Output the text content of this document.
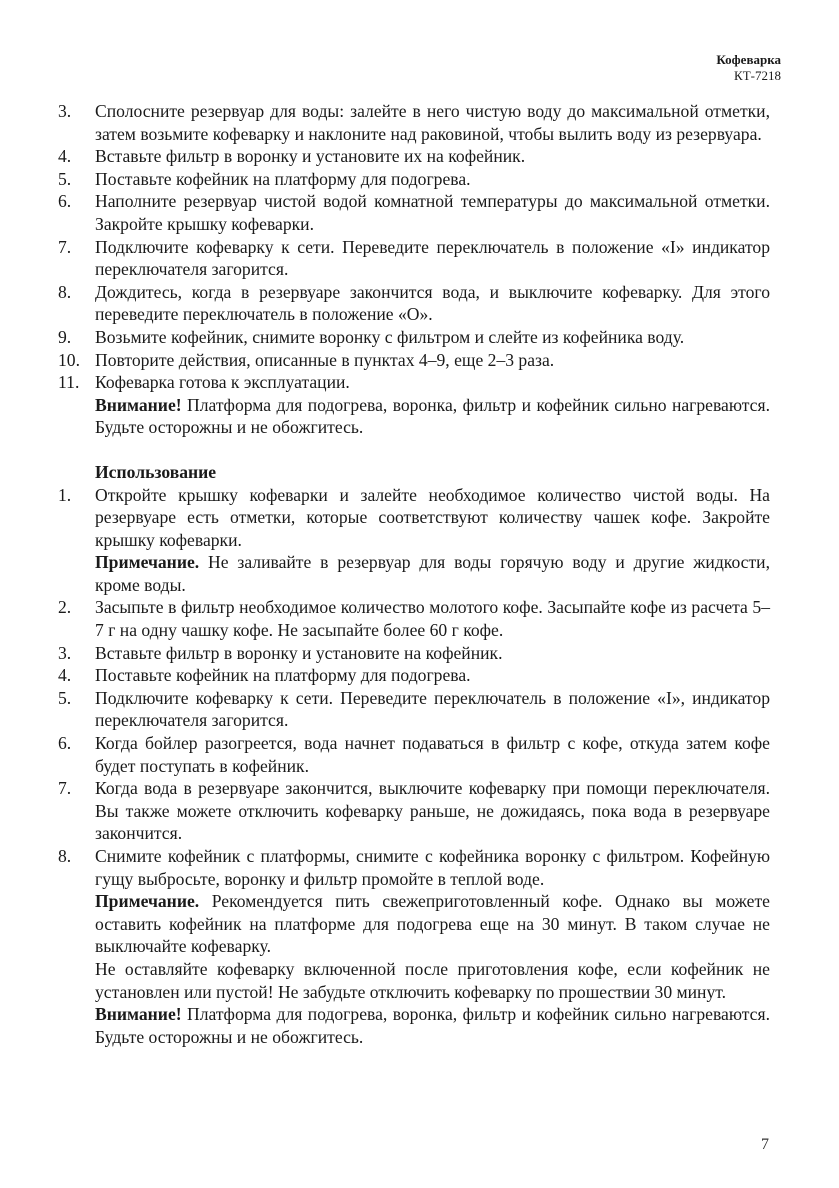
Кофеварка
КТ-7218
3.	Сполосните резервуар для воды: залейте в него чистую воду до максимальной отметки, затем возьмите кофеварку и наклоните над раковиной, чтобы вылить воду из резервуара.
4.	Вставьте фильтр в воронку и установите их на кофейник.
5.	Поставьте кофейник на платформу для подогрева.
6.	Наполните резервуар чистой водой комнатной температуры до максимальной отметки. Закройте крышку кофеварки.
7.	Подключите кофеварку к сети. Переведите переключатель в положение «I» индикатор переключателя загорится.
8.	Дождитесь, когда в резервуаре закончится вода, и выключите кофеварку. Для этого переведите переключатель в положение «О».
9.	Возьмите кофейник, снимите воронку с фильтром и слейте из кофейника воду.
10. Повторите действия, описанные в пунктах 4–9, еще 2–3 раза.
11. Кофеварка готова к эксплуатации.
Внимание! Платформа для подогрева, воронка, фильтр и кофейник сильно нагреваются. Будьте осторожны и не обожгитесь.
Использование
1.	Откройте крышку кофеварки и залейте необходимое количество чистой воды. На резервуаре есть отметки, которые соответствуют количеству чашек кофе. Закройте крышку кофеварки.
Примечание. Не заливайте в резервуар для воды горячую воду и другие жидкости, кроме воды.
2.	Засыпьте в фильтр необходимое количество молотого кофе. Засыпайте кофе из расчета 5–7 г на одну чашку кофе. Не засыпайте более 60 г кофе.
3.	Вставьте фильтр в воронку и установите на кофейник.
4.	Поставьте кофейник на платформу для подогрева.
5.	Подключите кофеварку к сети. Переведите переключатель в положение «I», индикатор переключателя загорится.
6.	Когда бойлер разогреется, вода начнет подаваться в фильтр с кофе, откуда затем кофе будет поступать в кофейник.
7.	Когда вода в резервуаре закончится, выключите кофеварку при помощи переключателя. Вы также можете отключить кофеварку раньше, не дожидаясь, пока вода в резервуаре закончится.
8.	Снимите кофейник с платформы, снимите с кофейника воронку с фильтром. Кофейную гущу выбросьте, воронку и фильтр промойте в теплой воде.
Примечание. Рекомендуется пить свежеприготовленный кофе. Однако вы можете оставить кофейник на платформе для подогрева еще на 30 минут. В таком случае не выключайте кофеварку.
Не оставляйте кофеварку включенной после приготовления кофе, если кофейник не установлен или пустой! Не забудьте отключить кофеварку по прошествии 30 минут.
Внимание! Платформа для подогрева, воронка, фильтр и кофейник сильно нагреваются. Будьте осторожны и не обожгитесь.
7
